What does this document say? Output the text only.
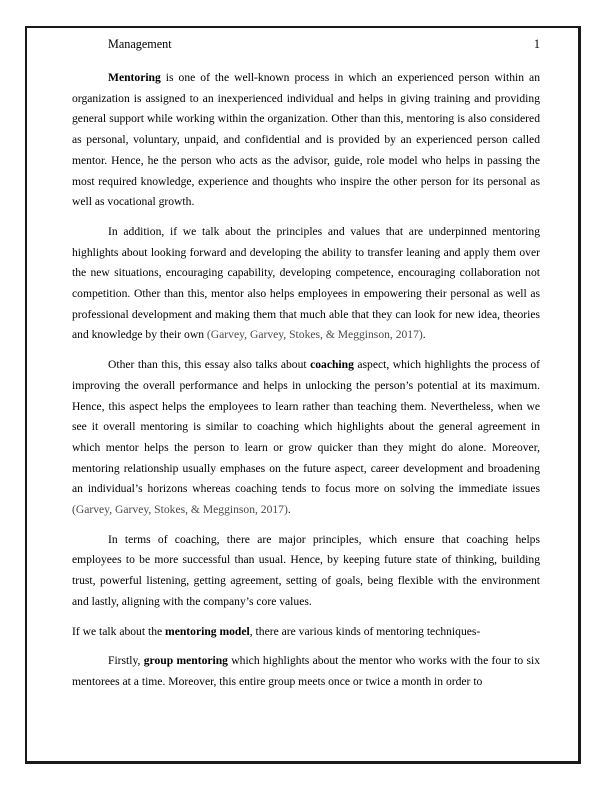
Management	1

Mentoring is one of the well-known process in which an experienced person within an organization is assigned to an inexperienced individual and helps in giving training and providing general support while working within the organization. Other than this, mentoring is also considered as personal, voluntary, unpaid, and confidential and is provided by an experienced person called mentor. Hence, he the person who acts as the advisor, guide, role model who helps in passing the most required knowledge, experience and thoughts who inspire the other person for its personal as well as vocational growth.

In addition, if we talk about the principles and values that are underpinned mentoring highlights about looking forward and developing the ability to transfer leaning and apply them over the new situations, encouraging capability, developing competence, encouraging collaboration not competition. Other than this, mentor also helps employees in empowering their personal as well as professional development and making them that much able that they can look for new idea, theories and knowledge by their own (Garvey, Garvey, Stokes, & Megginson, 2017).

Other than this, this essay also talks about coaching aspect, which highlights the process of improving the overall performance and helps in unlocking the person’s potential at its maximum. Hence, this aspect helps the employees to learn rather than teaching them. Nevertheless, when we see it overall mentoring is similar to coaching which highlights about the general agreement in which mentor helps the person to learn or grow quicker than they might do alone. Moreover, mentoring relationship usually emphases on the future aspect, career development and broadening an individual’s horizons whereas coaching tends to focus more on solving the immediate issues (Garvey, Garvey, Stokes, & Megginson, 2017).

In terms of coaching, there are major principles, which ensure that coaching helps employees to be more successful than usual. Hence, by keeping future state of thinking, building trust, powerful listening, getting agreement, setting of goals, being flexible with the environment and lastly, aligning with the company’s core values.

If we talk about the mentoring model, there are various kinds of mentoring techniques-

Firstly, group mentoring which highlights about the mentor who works with the four to six mentorees at a time. Moreover, this entire group meets once or twice a month in order to
